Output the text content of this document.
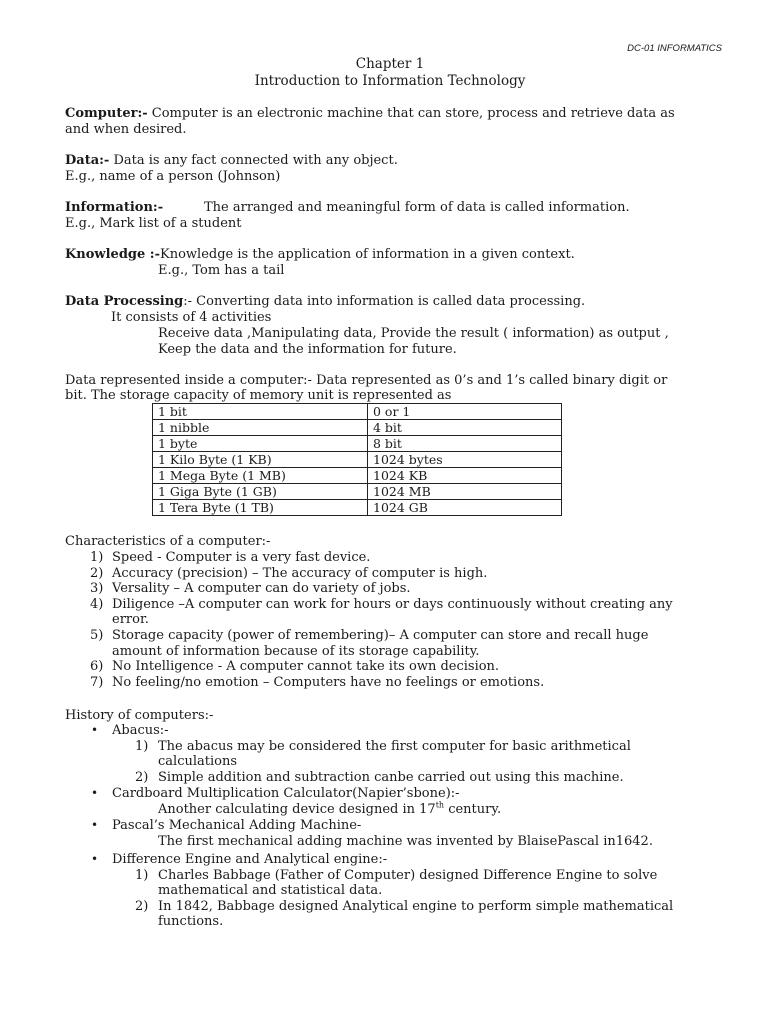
DC-01 INFORMATICS
Chapter 1
Introduction to Information Technology
Computer:- Computer is an electronic machine that can store, process and retrieve data as
and when desired.
Data:- Data is any fact connected with any object.
E.g., name of a person (Johnson)
Information:-	The arranged and meaningful form of data is called information.
E.g., Mark list of a student
Knowledge :-Knowledge is the application of information in a given context.
E.g., Tom has a tail
Data Processing:- Converting data into information is called data processing.
It consists of 4 activities
Receive data ,Manipulating data, Provide the result ( information) as output ,
Keep the data and the information for future.
Data represented inside a computer:- Data represented as 0’s and 1’s called binary digit or
bit. The storage capacity of memory unit is represented as
1 bit	0 or 1
1 nibble	4 bit
1 byte	8 bit
1 Kilo Byte (1 KB)	1024 bytes
1 Mega Byte (1 MB)	1024 KB
1 Giga Byte (1 GB)	1024 MB
1 Tera Byte (1 TB)	1024 GB
Characteristics of a computer:-
1) Speed - Computer is a very fast device.
2) Accuracy (precision) – The accuracy of computer is high.
3) Versality – A computer can do variety of jobs.
4) Diligence –A computer can work for hours or days continuously without creating any
error.
5) Storage capacity (power of remembering)– A computer can store and recall huge
amount of information because of its storage capability.
6) No Intelligence - A computer cannot take its own decision.
7) No feeling/no emotion – Computers have no feelings or emotions.
History of computers:-
• Abacus:-
1) The abacus may be considered the first computer for basic arithmetical
calculations
2) Simple addition and subtraction canbe carried out using this machine.
• Cardboard Multiplication Calculator(Napier’sbone):-
Another calculating device designed in 17th century.
• Pascal’s Mechanical Adding Machine-
The first mechanical adding machine was invented by BlaisePascal in1642.
• Difference Engine and Analytical engine:-
1) Charles Babbage (Father of Computer) designed Difference Engine to solve
mathematical and statistical data.
2) In 1842, Babbage designed Analytical engine to perform simple mathematical
functions.
